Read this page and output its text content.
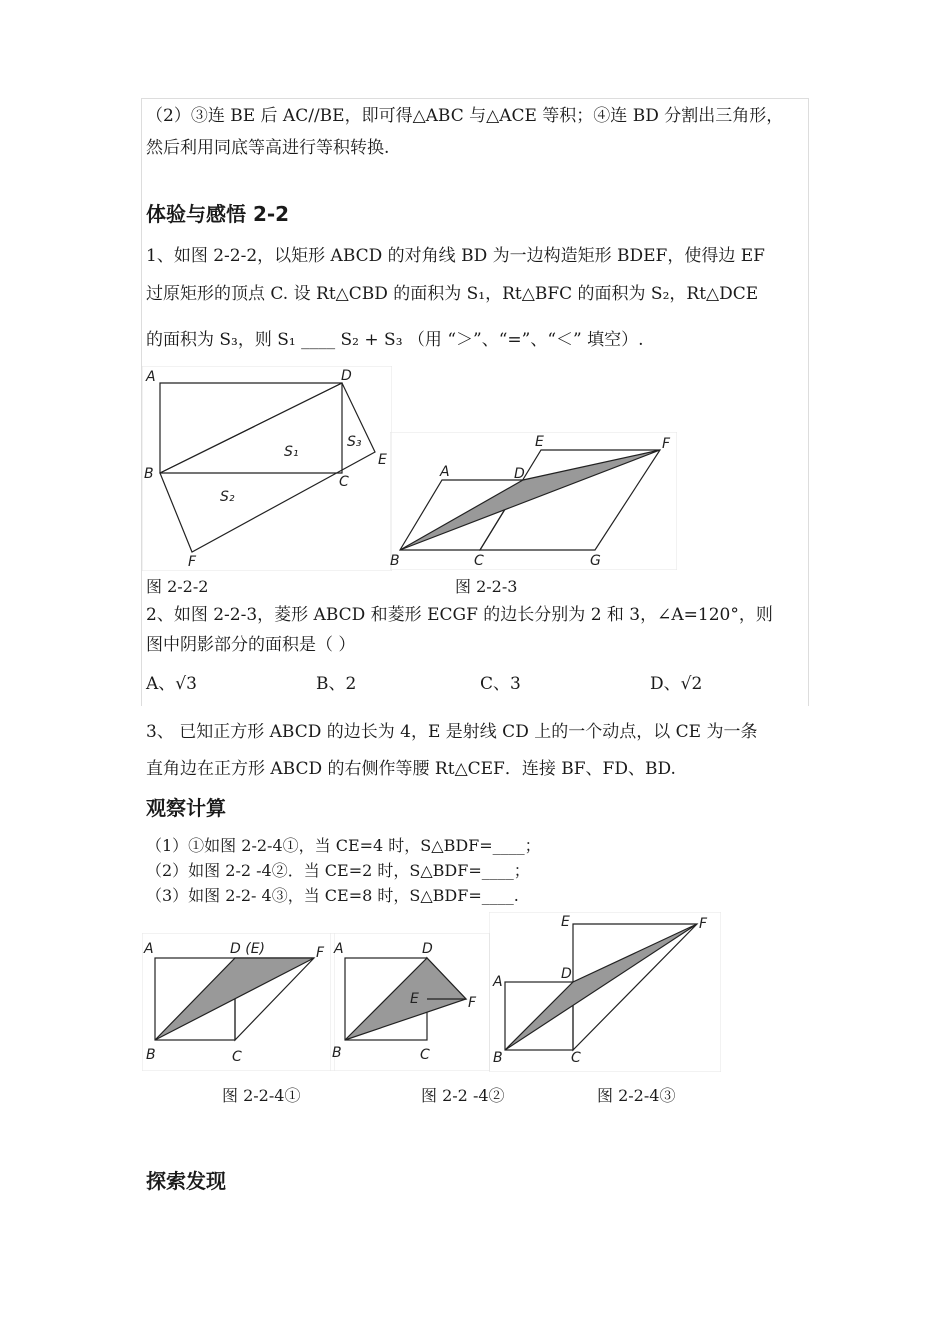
（2）③连 BE 后 AC//BE，即可得△ABC 与△ACE 等积；④连 BD 分割出三角形，
然后利用同底等高进行等积转换.
体验与感悟 2-2
1、如图 2-2-2，以矩形 ABCD 的对角线 BD 为一边构造矩形 BDEF，使得边 EF
过原矩形的顶点 C. 设 Rt△CBD 的面积为 S₁，Rt△BFC 的面积为 S₂，Rt△DCE
的面积为 S₃，则 S₁ ____ S₂ + S₃ （用 “＞”、“=”、“＜” 填空）.
A	D
B	C
E
F
S₁
S₂
S₃
A	D
E	F
B	C	G
图 2-2-2	图 2-2-3
2、如图 2-2-3，菱形 ABCD 和菱形 ECGF 的边长分别为 2 和 3，∠A=120°，则
图中阴影部分的面积是（ ）
A、√3	B、2	C、3	D、√2
3、 已知正方形 ABCD 的边长为 4，E 是射线 CD 上的一个动点，以 CE 为一条
直角边在正方形 ABCD 的右侧作等腰 Rt△CEF．连接 BF、FD、BD.
观察计算
（1）①如图 2-2-4①，当 CE=4 时，S△BDF=____；
（2）如图 2-2 -4②．当 CE=2 时，S△BDF=____；
（3）如图 2-2- 4③，当 CE=8 时，S△BDF=____.
A	D (E)	F
B	C
A	D
E	F
B	C
A	D
E	F
B	C
图 2-2-4①	图 2-2 -4②	图 2-2-4③
探索发现
